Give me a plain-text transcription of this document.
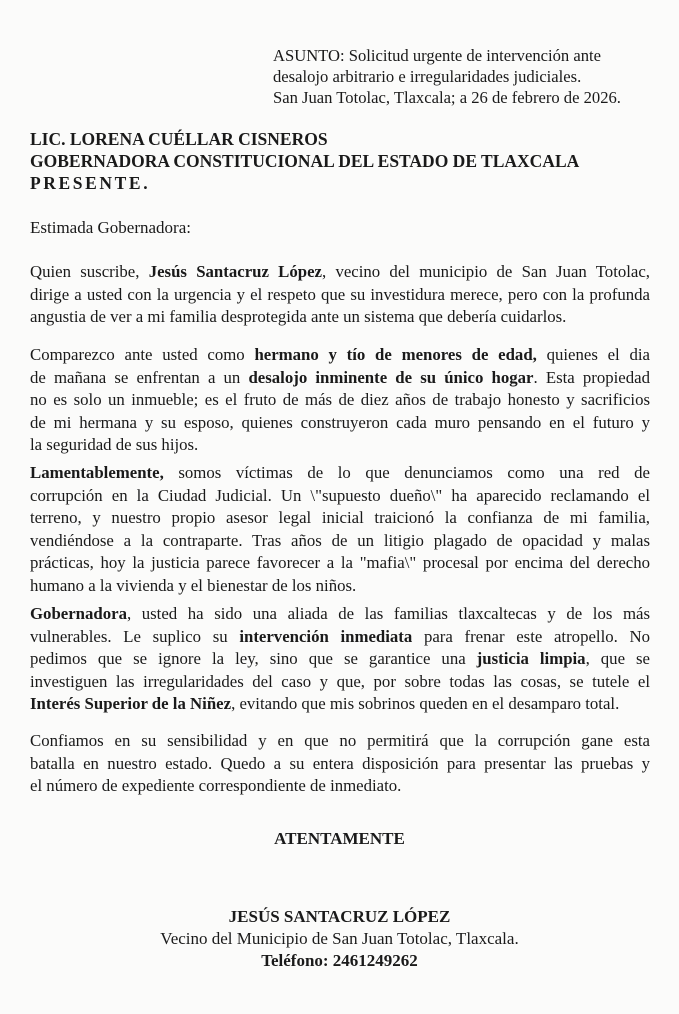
ASUNTO: Solicitud urgente de intervención ante
desalojo arbitrario e irregularidades judiciales.
San Juan Totolac, Tlaxcala; a 26 de febrero de 2026.
LIC. LORENA CUÉLLAR CISNEROS
GOBERNADORA CONSTITUCIONAL DEL ESTADO DE TLAXCALA
PRESENTE.
Estimada Gobernadora:
Quien suscribe, Jesús Santacruz López, vecino del municipio de San Juan Totolac,
dirige a usted con la urgencia y el respeto que su investidura merece, pero con la profunda
angustia de ver a mi familia desprotegida ante un sistema que debería cuidarlos.
Comparezco ante usted como hermano y tío de menores de edad, quienes el dia
de mañana se enfrentan a un desalojo inminente de su único hogar. Esta propiedad
no es solo un inmueble; es el fruto de más de diez años de trabajo honesto y sacrificios
de mi hermana y su esposo, quienes construyeron cada muro pensando en el futuro y
la seguridad de sus hijos.
Lamentablemente, somos víctimas de lo que denunciamos como una red de
corrupción en la Ciudad Judicial. Un \"supuesto dueño\" ha aparecido reclamando el
terreno, y nuestro propio asesor legal inicial traicionó la confianza de mi familia,
vendiéndose a la contraparte. Tras años de un litigio plagado de opacidad y malas
prácticas, hoy la justicia parece favorecer a la "mafia\" procesal por encima del derecho
humano a la vivienda y el bienestar de los niños.
Gobernadora, usted ha sido una aliada de las familias tlaxcaltecas y de los más
vulnerables. Le suplico su intervención inmediata para frenar este atropello. No
pedimos que se ignore la ley, sino que se garantice una justicia limpia, que se
investiguen las irregularidades del caso y que, por sobre todas las cosas, se tutele el
Interés Superior de la Niñez, evitando que mis sobrinos queden en el desamparo total.
Confiamos en su sensibilidad y en que no permitirá que la corrupción gane esta
batalla en nuestro estado. Quedo a su entera disposición para presentar las pruebas y
el número de expediente correspondiente de inmediato.
ATENTAMENTE
JESÚS SANTACRUZ LÓPEZ
Vecino del Municipio de San Juan Totolac, Tlaxcala.
Teléfono: 2461249262
